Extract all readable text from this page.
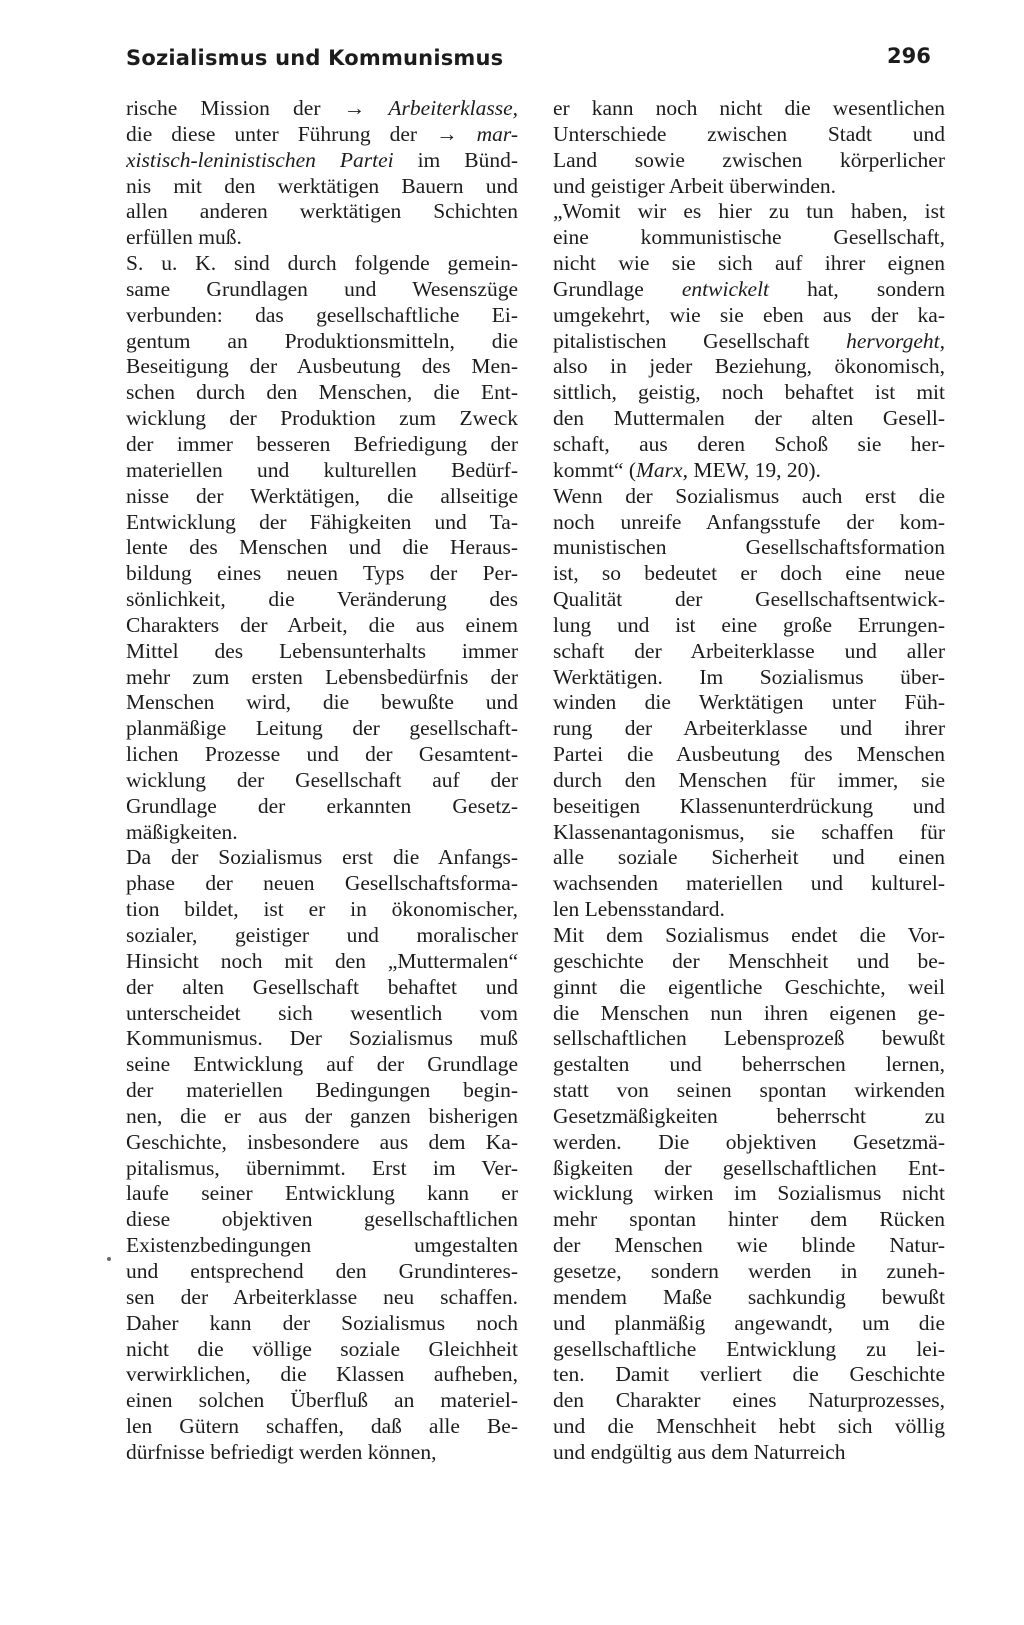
Sozialismus und Kommunismus	296
rische Mission der → Arbeiterklasse,
die diese unter Führung der → mar-
xistisch-leninistischen Partei im Bünd-
nis mit den werktätigen Bauern und
allen anderen werktätigen Schichten
erfüllen muß.
S. u. K. sind durch folgende gemein-
same Grundlagen und Wesenszüge
verbunden: das gesellschaftliche Ei-
gentum an Produktionsmitteln, die
Beseitigung der Ausbeutung des Men-
schen durch den Menschen, die Ent-
wicklung der Produktion zum Zweck
der immer besseren Befriedigung der
materiellen und kulturellen Bedürf-
nisse der Werktätigen, die allseitige
Entwicklung der Fähigkeiten und Ta-
lente des Menschen und die Heraus-
bildung eines neuen Typs der Per-
sönlichkeit, die Veränderung des
Charakters der Arbeit, die aus einem
Mittel des Lebensunterhalts immer
mehr zum ersten Lebensbedürfnis der
Menschen wird, die bewußte und
planmäßige Leitung der gesellschaft-
lichen Prozesse und der Gesamtent-
wicklung der Gesellschaft auf der
Grundlage der erkannten Gesetz-
mäßigkeiten.
Da der Sozialismus erst die Anfangs-
phase der neuen Gesellschaftsforma-
tion bildet, ist er in ökonomischer,
sozialer, geistiger und moralischer
Hinsicht noch mit den „Muttermalen“
der alten Gesellschaft behaftet und
unterscheidet sich wesentlich vom
Kommunismus. Der Sozialismus muß
seine Entwicklung auf der Grundlage
der materiellen Bedingungen begin-
nen, die er aus der ganzen bisherigen
Geschichte, insbesondere aus dem Ka-
pitalismus, übernimmt. Erst im Ver-
laufe seiner Entwicklung kann er
diese objektiven gesellschaftlichen
Existenzbedingungen umgestalten
und entsprechend den Grundinteres-
sen der Arbeiterklasse neu schaffen.
Daher kann der Sozialismus noch
nicht die völlige soziale Gleichheit
verwirklichen, die Klassen aufheben,
einen solchen Überfluß an materiel-
len Gütern schaffen, daß alle Be-
dürfnisse befriedigt werden können,
er kann noch nicht die wesentlichen
Unterschiede zwischen Stadt und
Land sowie zwischen körperlicher
und geistiger Arbeit überwinden.
„Womit wir es hier zu tun haben, ist
eine kommunistische Gesellschaft,
nicht wie sie sich auf ihrer eignen
Grundlage entwickelt hat, sondern
umgekehrt, wie sie eben aus der ka-
pitalistischen Gesellschaft hervorgeht,
also in jeder Beziehung, ökonomisch,
sittlich, geistig, noch behaftet ist mit
den Muttermalen der alten Gesell-
schaft, aus deren Schoß sie her-
kommt“ (Marx, MEW, 19, 20).
Wenn der Sozialismus auch erst die
noch unreife Anfangsstufe der kom-
munistischen Gesellschaftsformation
ist, so bedeutet er doch eine neue
Qualität der Gesellschaftsentwick-
lung und ist eine große Errungen-
schaft der Arbeiterklasse und aller
Werktätigen. Im Sozialismus über-
winden die Werktätigen unter Füh-
rung der Arbeiterklasse und ihrer
Partei die Ausbeutung des Menschen
durch den Menschen für immer, sie
beseitigen Klassenunterdrückung und
Klassenantagonismus, sie schaffen für
alle soziale Sicherheit und einen
wachsenden materiellen und kulturel-
len Lebensstandard.
Mit dem Sozialismus endet die Vor-
geschichte der Menschheit und be-
ginnt die eigentliche Geschichte, weil
die Menschen nun ihren eigenen ge-
sellschaftlichen Lebensprozeß bewußt
gestalten und beherrschen lernen,
statt von seinen spontan wirkenden
Gesetzmäßigkeiten beherrscht zu
werden. Die objektiven Gesetzmä-
ßigkeiten der gesellschaftlichen Ent-
wicklung wirken im Sozialismus nicht
mehr spontan hinter dem Rücken
der Menschen wie blinde Natur-
gesetze, sondern werden in zuneh-
mendem Maße sachkundig bewußt
und planmäßig angewandt, um die
gesellschaftliche Entwicklung zu lei-
ten. Damit verliert die Geschichte
den Charakter eines Naturprozesses,
und die Menschheit hebt sich völlig
und endgültig aus dem Naturreich
